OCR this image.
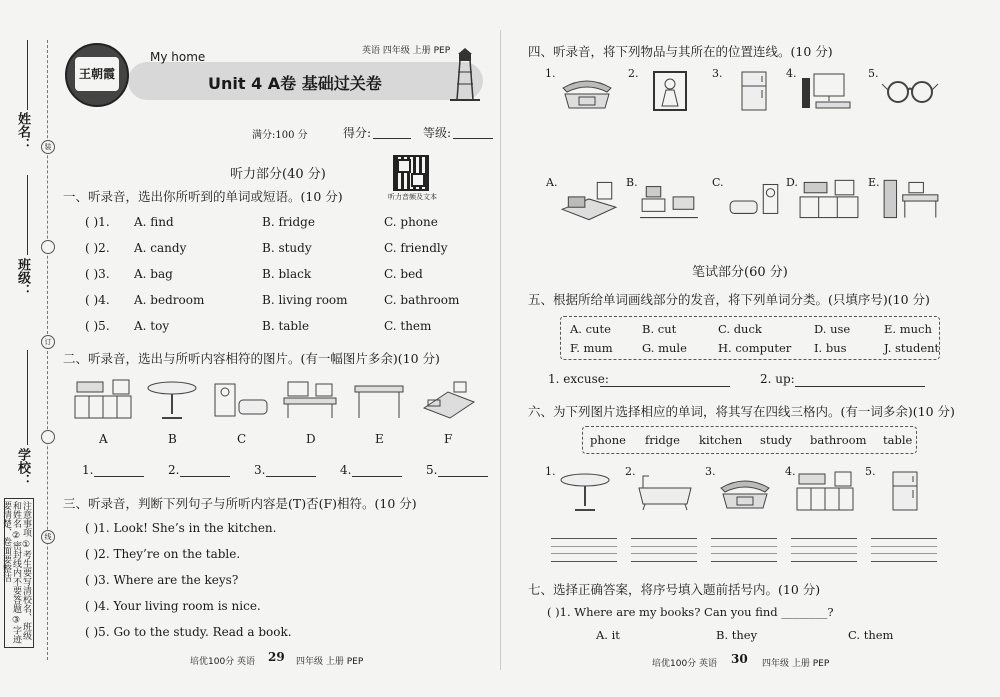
姓名：
班级：
学校：
装
订
线
注意事项 ①考生要写清校名、班级和姓名 ②密封线内不要答题 ③字迹要清楚、卷面要整洁
王朝霞
My home	英语 四年级 上册 PEP
Unit 4 A卷 基础过关卷
满分:100 分	得分:	等级:
听力部分(40 分)
听力音频及文本
一、听录音，选出你所听到的单词或短语。(10 分)
二、听录音，选出与所听内容相符的图片。(有一幅图片多余)(10 分)
三、听录音，判断下列句子与所听内容是(T)否(F)相符。(10 分)
培优100分 英语 29 四年级 上册 PEP
四、听录音，将下列物品与其所在的位置连线。(10 分)
笔试部分(60 分)
五、根据所给单词画线部分的发音，将下列单词分类。(只填序号)(10 分)
1. excuse:	2. up:
六、为下列图片选择相应的单词，将其写在四线三格内。(有一词多余)(10 分)
七、选择正确答案，将序号填入题前括号内。(10 分)
( )1. Where are my books? Can you find ________?
A. it	B. they	C. them
培优100分 英语 30 四年级 上册 PEP
( )1. A. find	B. fridge	C. phone
( )2. A. candy	B. study	C. friendly
( )3. A. bag	B. black	C. bed
( )4. A. bedroom	B. living room	C. bathroom
( )5. A. toy	B. table	C. them
A	B	C	D	E	F
1.	2.	3.	4.	5.
( )1. Look! She’s in the kitchen.
( )2. They’re on the table.
( )3. Where are the keys?
( )4. Your living room is nice.
( )5. Go to the study. Read a book.
1.	2.	3.	4.	5.
A.	B.	C.	D.	E.
A. cute	B. cut	C. duck	D. use	E. much
F. mum	G. mule	H. computer I. bus	J. student
phone fridge kitchen study bathroom table
1.	2.	3.	4.	5.
